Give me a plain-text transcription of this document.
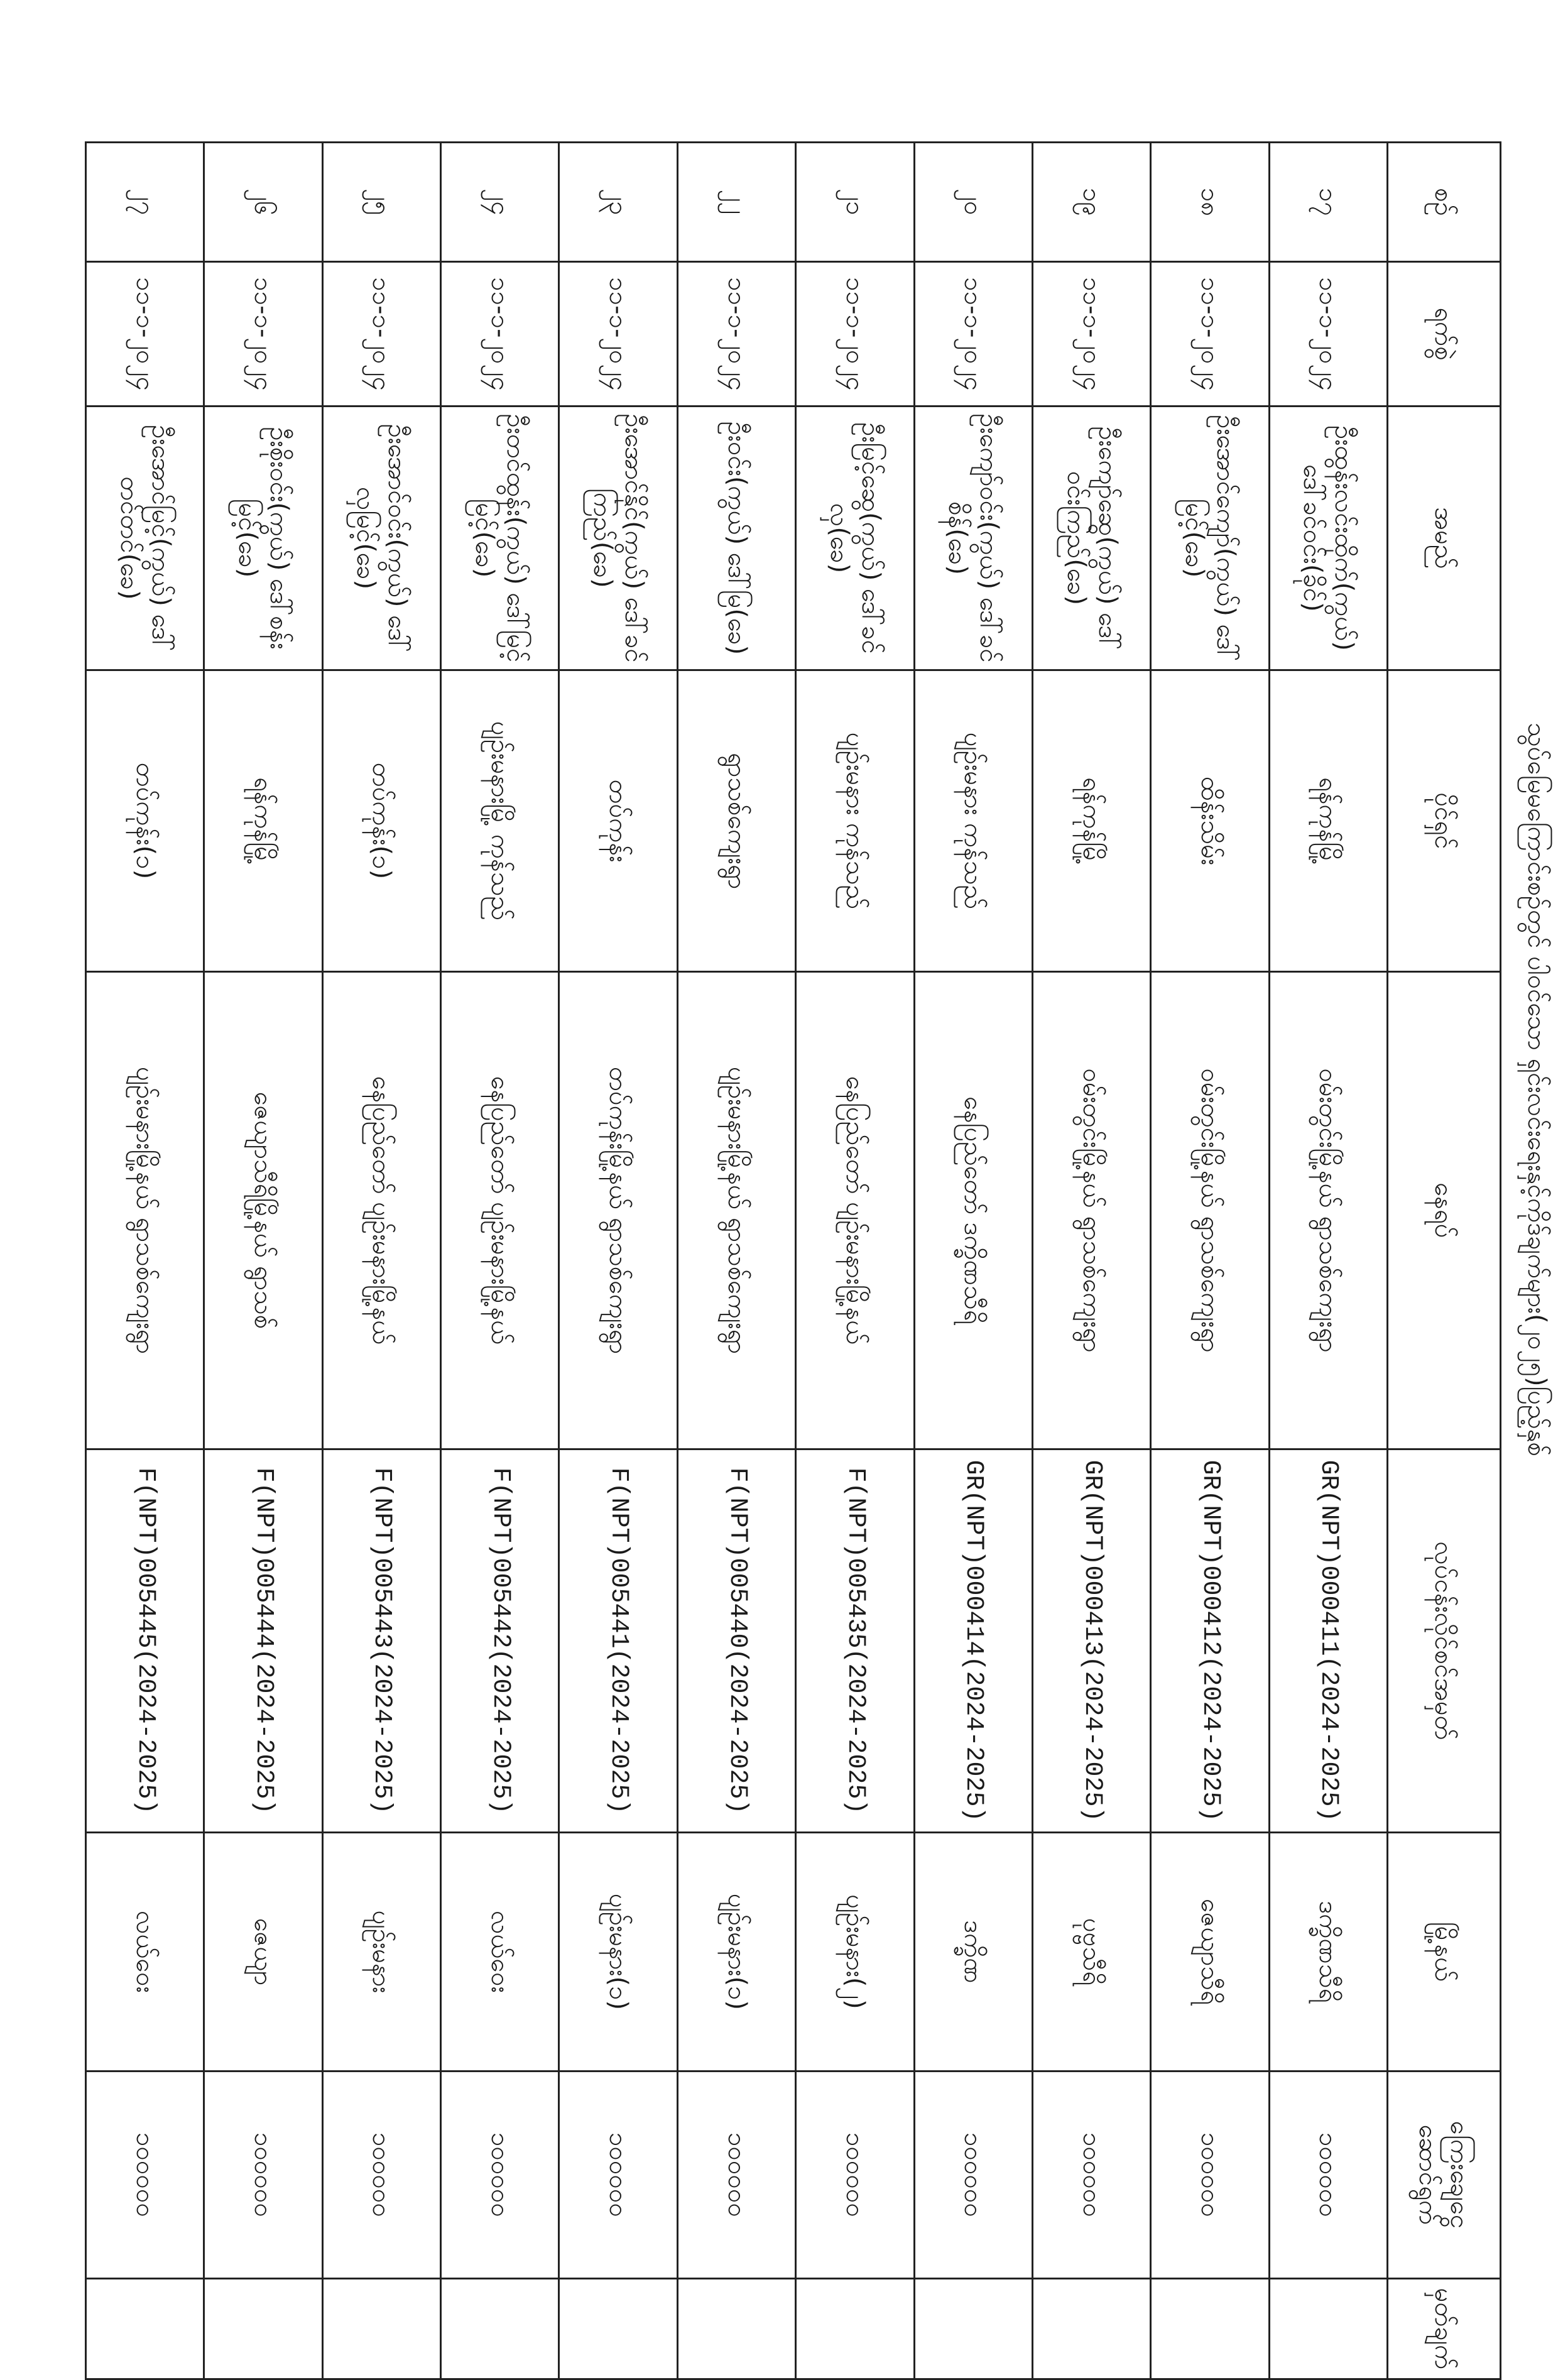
သွပ်မြေမကြောင်းစဉ်တွင် ပါဝင်သော ရှင်းလင်းရေးနှင့်ကိုဒ်ချက်များ(၂၀၂၅)ပြည့်နှစ်
စဉ်	ရက်စွဲ	အမည်	ပိုင်ရှင်	နေရပ်	လုပ်ငန်းလိုင်စင်အမှတ်	မြို့နယ်	ကြေးချေငွေ ဆောင်ရွက်	မှတ်ချက်
၁၇	၁၁-၁-၂၀၂၄	ဦးထွန်းလင်းထိုက်(ကွယ်) ဒေါ်ခင်ဝင်း(ခိုင်)	ရန်ကုန်မြို့	ဝမ်းတွင်းမြို့နယ် ရွာသစ်ကျေးရွာ	GR(NPT)000411(2024-2025)	ဒက္ခိဏသီရိ	၁၀၀၀၀၀	
၁၈	၁၁-၁-၂၀၂၄	ဦးအောင်ကျော်(ကွယ်) ဒေါ်မြင့်(ခေ)	ထိန်းသိမ်း	ဝမ်းတွင်းမြို့နယ် ရွာသစ်ကျေးရွာ	GR(NPT)000412(2024-2025)	ဇေယျာသီရိ	၁၀၀၀၀၀	
၁၉	၁၁-၁-၂၀၂၄	ဦးကျော်ဆွေ(ကွယ်) ဒေါ်ဝင်းကြည်(ခေ)	ရန်ကုန်မြို့	ဝမ်းတွင်းမြို့နယ် ရွာသစ်ကျေးရွာ	GR(NPT)000413(2024-2025)	ပုဗ္ဗသီရိ	၁၀၀၀၀၀	
၂၀	၁၁-၁-၂၀၂၄	ဦးကျော်ဝင်း(ကွယ်) ဒေါ်ခင်စိန်(ခေ)	ပျဉ်းမနား ကုန်သည်	နေပြည်တော် ဒက္ခိဏသီရိ	GR(NPT)000414(2024-2025)	ဒက္ခိဏ	၁၀၀၀၀၀	
၂၁	၁၁-၁-၂၀၂၄	ဦးမြင့်ဆွေ(ကွယ်) ဒေါ်ခင်လှ(ခေ)	ပျဉ်းမနား ကုန်သည်	နေပြည်တော် ပျဉ်းမနားမြို့နယ်	F(NPT)005435(2024-2025)	ပျဉ်းမနား(၂)	၁၀၀၀၀၀	
၂၂	၁၁-၁-၂၀၂၄	ဦးဝင်း(ကွယ်) ဒေါ်မြ(ခေ)	ရွာသစ်ကျေးရွာ	ပျဉ်းမနားမြို့နယ် ရွာသစ်ကျေးရွာ	F(NPT)005440(2024-2025)	ပျဉ်းမနား(၁)	၁၀၀၀၀၀	
၂၃	၁၁-၁-၂၀၂၄	ဦးအောင်နိုင်(ကွယ်) ဒေါ်ခင်ကြည်(ခေ)	တပ်ကုန်း	တပ်ကုန်းမြို့နယ် ရွာသစ်ကျေးရွာ	F(NPT)005441(2024-2025)	ပျဉ်းမနား(၁)	၁၀၀၀၀၀	
၂၄	၁၁-၁-၂၀၂၄	ဦးတင်ထွန်း(ကွယ်) ဒေါ်မြင့်မြင့်(ခေ)	ပျဉ်းမနားမြို့ ကုန်သည်	နေပြည်တော် ပျဉ်းမနားမြို့နယ်	F(NPT)005442(2024-2025)	လယ်ဝေး	၁၀၀၀၀၀	
၂၅	၁၁-၁-၂၀၂၄	ဦးအောင်ဝင်း(ကွယ်) ဒေါ်လှမြင့်(ခေ)	တပ်ကုန်း(၁)	နေပြည်တော် ပျဉ်းမနားမြို့နယ်	F(NPT)005443(2024-2025)	ပျဉ်းမနား	၁၀၀၀၀၀	
၂၆	၁၁-၁-၂၀၂၄	ဦးစိုးဝင်း(ကွယ်) ဒေါ်စန်းမြင့်(ခေ)	ရန်ကုန်မြို့	ဇေယျာသီရိမြို့နယ် ရွာသစ်	F(NPT)005444(2024-2025)	ဇေယျာ	၁၀၀၀၀၀	
၂၇	၁၁-၁-၂၀၂၄	ဦးအောင်မြင့်(ကွယ်) ဒေါ်တင်တင်(ခေ)	တပ်ကုန်း(၁)	ပျဉ်းမနားမြို့နယ် ရွာသစ်ကျေးရွာ	F(NPT)005445(2024-2025)	လယ်ဝေး	၁၀၀၀၀၀	
